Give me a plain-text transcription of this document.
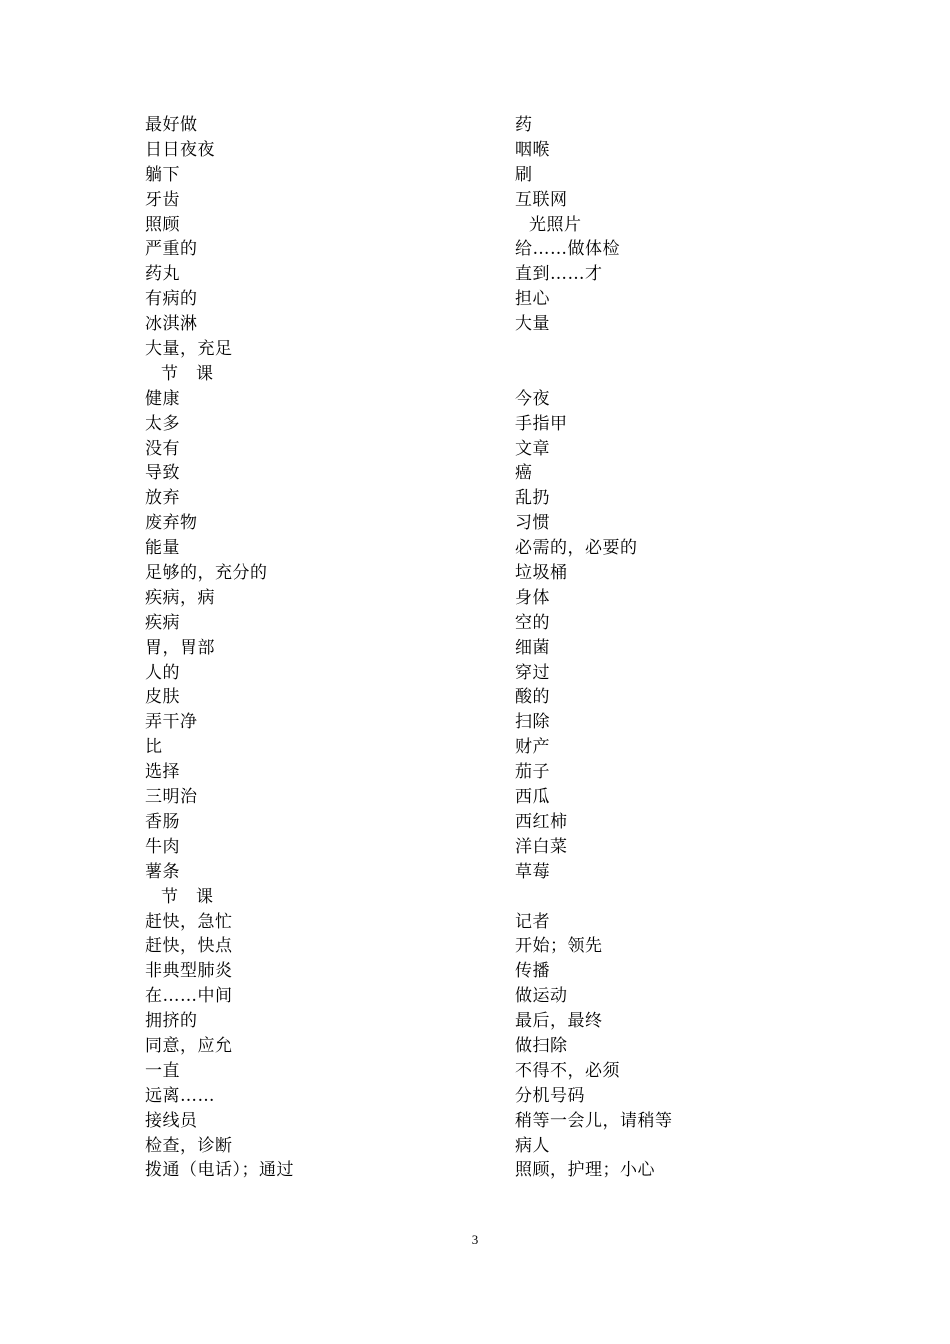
最好做
日日夜夜
躺下
牙齿
照顾
严重的
药丸
有病的
冰淇淋
大量，充足
节　课
健康
太多
没有
导致
放弃
废弃物
能量
足够的，充分的
疾病，病
疾病
胃，胃部
人的
皮肤
弄干净
比
选择
三明治
香肠
牛肉
薯条
节　课
赶快，急忙
赶快，快点
非典型肺炎
在……中间
拥挤的
同意，应允
一直
远离……
接线员
检查，诊断
拨通（电话）；通过
药
咽喉
刷
互联网
光照片
给……做体检
直到……才
担心
大量
今夜
手指甲
文章
癌
乱扔
习惯
必需的，必要的
垃圾桶
身体
空的
细菌
穿过
酸的
扫除
财产
茄子
西瓜
西红柿
洋白菜
草莓
记者
开始；领先
传播
做运动
最后，最终
做扫除
不得不，必须
分机号码
稍等一会儿，请稍等
病人
照顾，护理；小心
3
